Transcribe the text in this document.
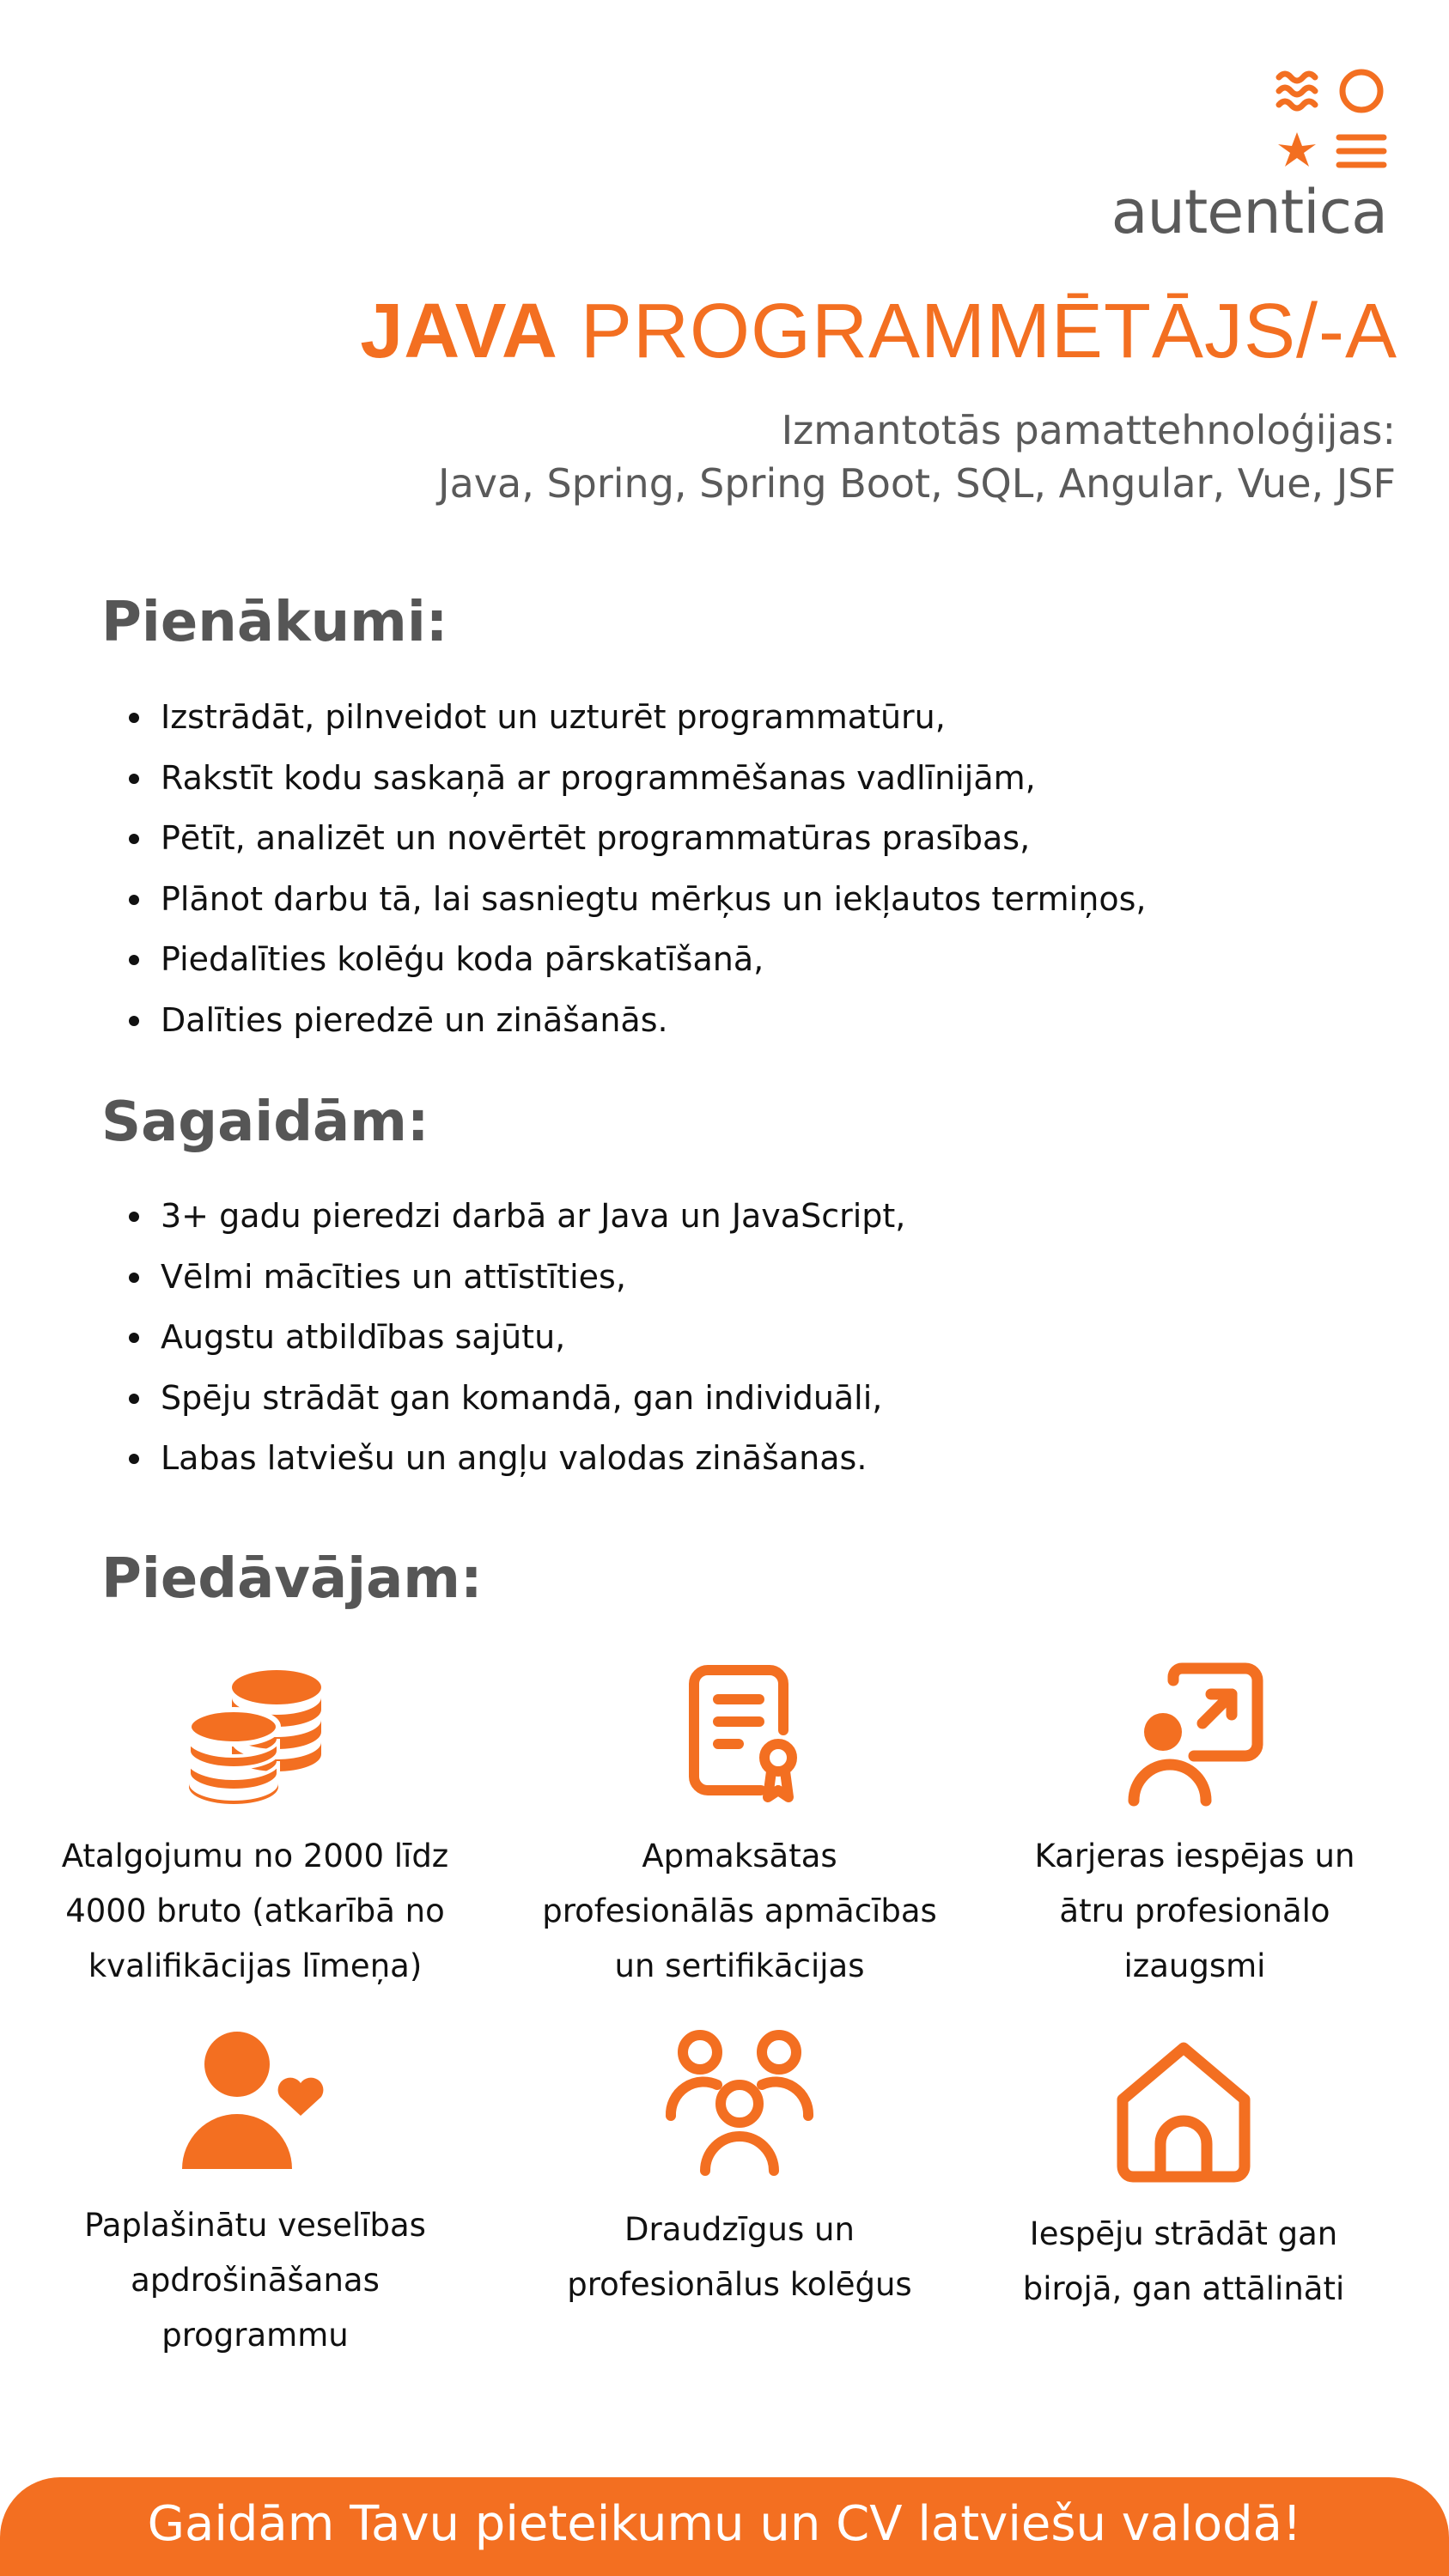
autentica
JAVA PROGRAMMĒTĀJS/-A
Izmantotās pamattehnoloģijas:
Java, Spring, Spring Boot, SQL, Angular, Vue, JSF
Pienākumi:
Izstrādāt, pilnveidot un uzturēt programmatūru,
Rakstīt kodu saskaņā ar programmēšanas vadlīnijām,
Pētīt, analizēt un novērtēt programmatūras prasības,
Plānot darbu tā, lai sasniegtu mērķus un iekļautos termiņos,
Piedalīties kolēģu koda pārskatīšanā,
Dalīties pieredzē un zināšanās.
Sagaidām:
3+ gadu pieredzi darbā ar Java un JavaScript,
Vēlmi mācīties un attīstīties,
Augstu atbildības sajūtu,
Spēju strādāt gan komandā, gan individuāli,
Labas latviešu un angļu valodas zināšanas.
Piedāvājam:
Atalgojumu no 2000 līdz
4000 bruto (atkarībā no
kvalifikācijas līmeņa)
Apmaksātas
profesionālās apmācības
un sertifikācijas
Karjeras iespējas un
ātru profesionālo
izaugsmi
Paplašinātu veselības
apdrošināšanas
programmu
Draudzīgus un
profesionālus kolēģus
Iespēju strādāt gan
birojā, gan attālināti
Gaidām Tavu pieteikumu un CV latviešu valodā!
